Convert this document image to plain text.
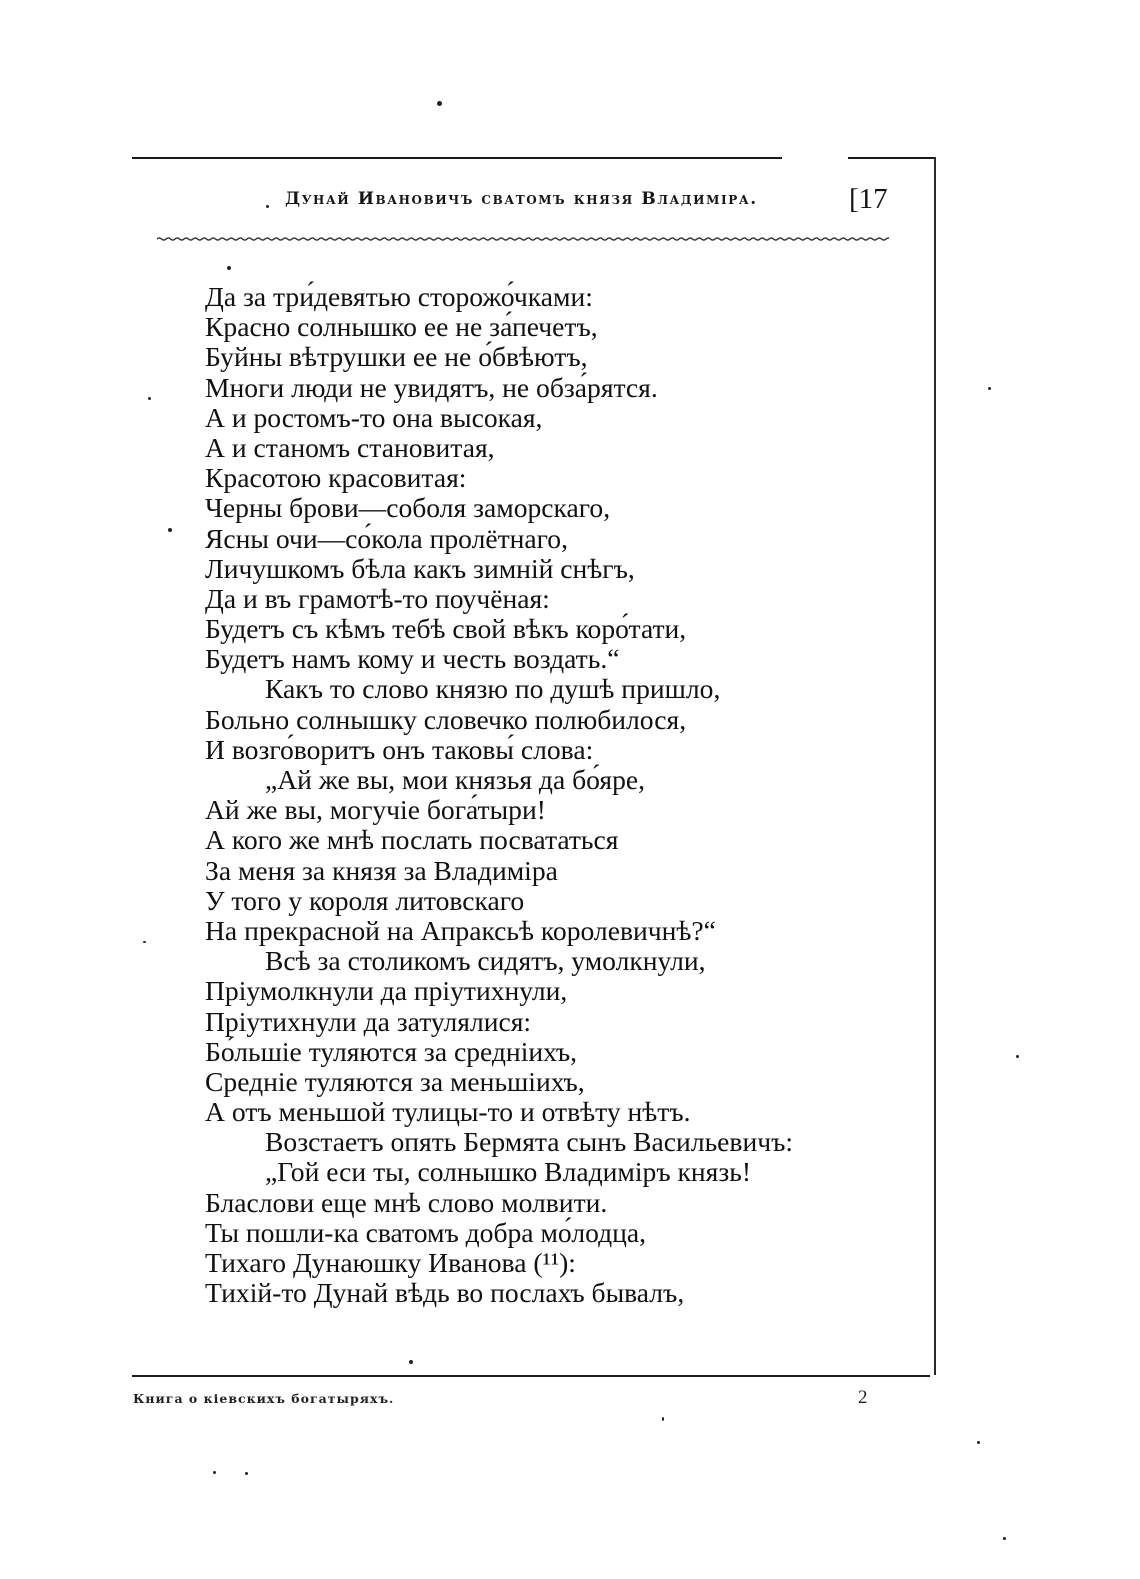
Дунай Ивановичъ сватомъ князя Владиміра.	[17
Да за три́девятью сторожо́чками:
Красно солнышко ее не за́печетъ,
Буйны вѣтрушки ее не о́бвѣютъ,
Многи люди не увидятъ, не обза́рятся.
А и ростомъ-то она высокая,
А и станомъ становитая,
Красотою красовитая:
Черны брови—соболя заморскаго,
Ясны очи—со́кола пролётнаго,
Личушкомъ бѣла какъ зимній снѣгъ,
Да и въ грамотѣ-то поучёная:
Будетъ съ кѣмъ тебѣ свой вѣкъ коро́тати,
Будетъ намъ кому и честь воздать.“
Какъ то слово князю по душѣ пришло,
Больно солнышку словечко полюбилося,
И возго́воритъ онъ таковы́ слова:
„Ай же вы, мои князья да бо́яре,
Ай же вы, могучіе бога́тыри!
А кого же мнѣ послать посвататься
За меня за князя за Владиміра
У того у короля литовскаго
На прекрасной на Апраксьѣ королевичнѣ?“
Всѣ за столикомъ сидятъ, умолкнули,
Пріумолкнули да пріутихнули,
Пріутихнули да затулялися:
Бо́льшіе туляются за средніихъ,
Средніе туляются за меньшіихъ,
А отъ меньшой тулицы-то и отвѣту нѣтъ.
Возстаетъ опять Бермята сынъ Васильевичъ:
„Гой еси ты, солнышко Владиміръ князь!
Бласлови еще мнѣ слово молвити.
Ты пошли-ка сватомъ добра мо́лодца,
Тихаго Дунаюшку Иванова (¹¹):
Тихій-то Дунай вѣдь во послахъ бывалъ,
Книга о кіевскихъ богатыряхъ.	2
